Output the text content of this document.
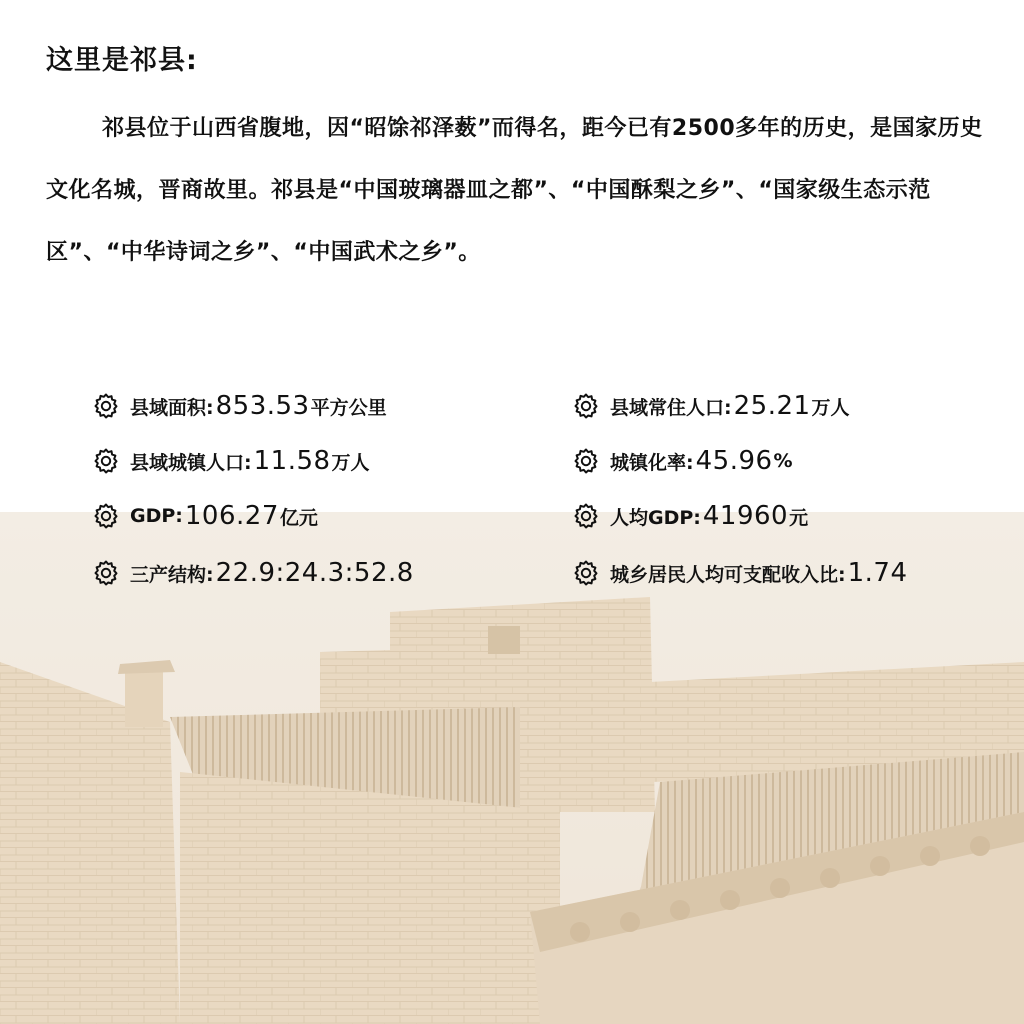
这里是祁县:
祁县位于山西省腹地，因“昭馀祁泽薮”而得名，距今已有2500多年的历史，是国家历史文化名城，晋商故里。祁县是“中国玻璃器皿之都”、“中国酥梨之乡”、“国家级生态示范区”、“中华诗词之乡”、“中国武术之乡”。
县域面积: 853.53 平方公里	县域常住人口: 25.21 万人
县域城镇人口: 11.58 万人	城镇化率: 45.96 %
GDP: 106.27 亿元	人均GDP: 41960 元
三产结构: 22.9:24.3:52.8	城乡居民人均可支配收入比: 1.74
